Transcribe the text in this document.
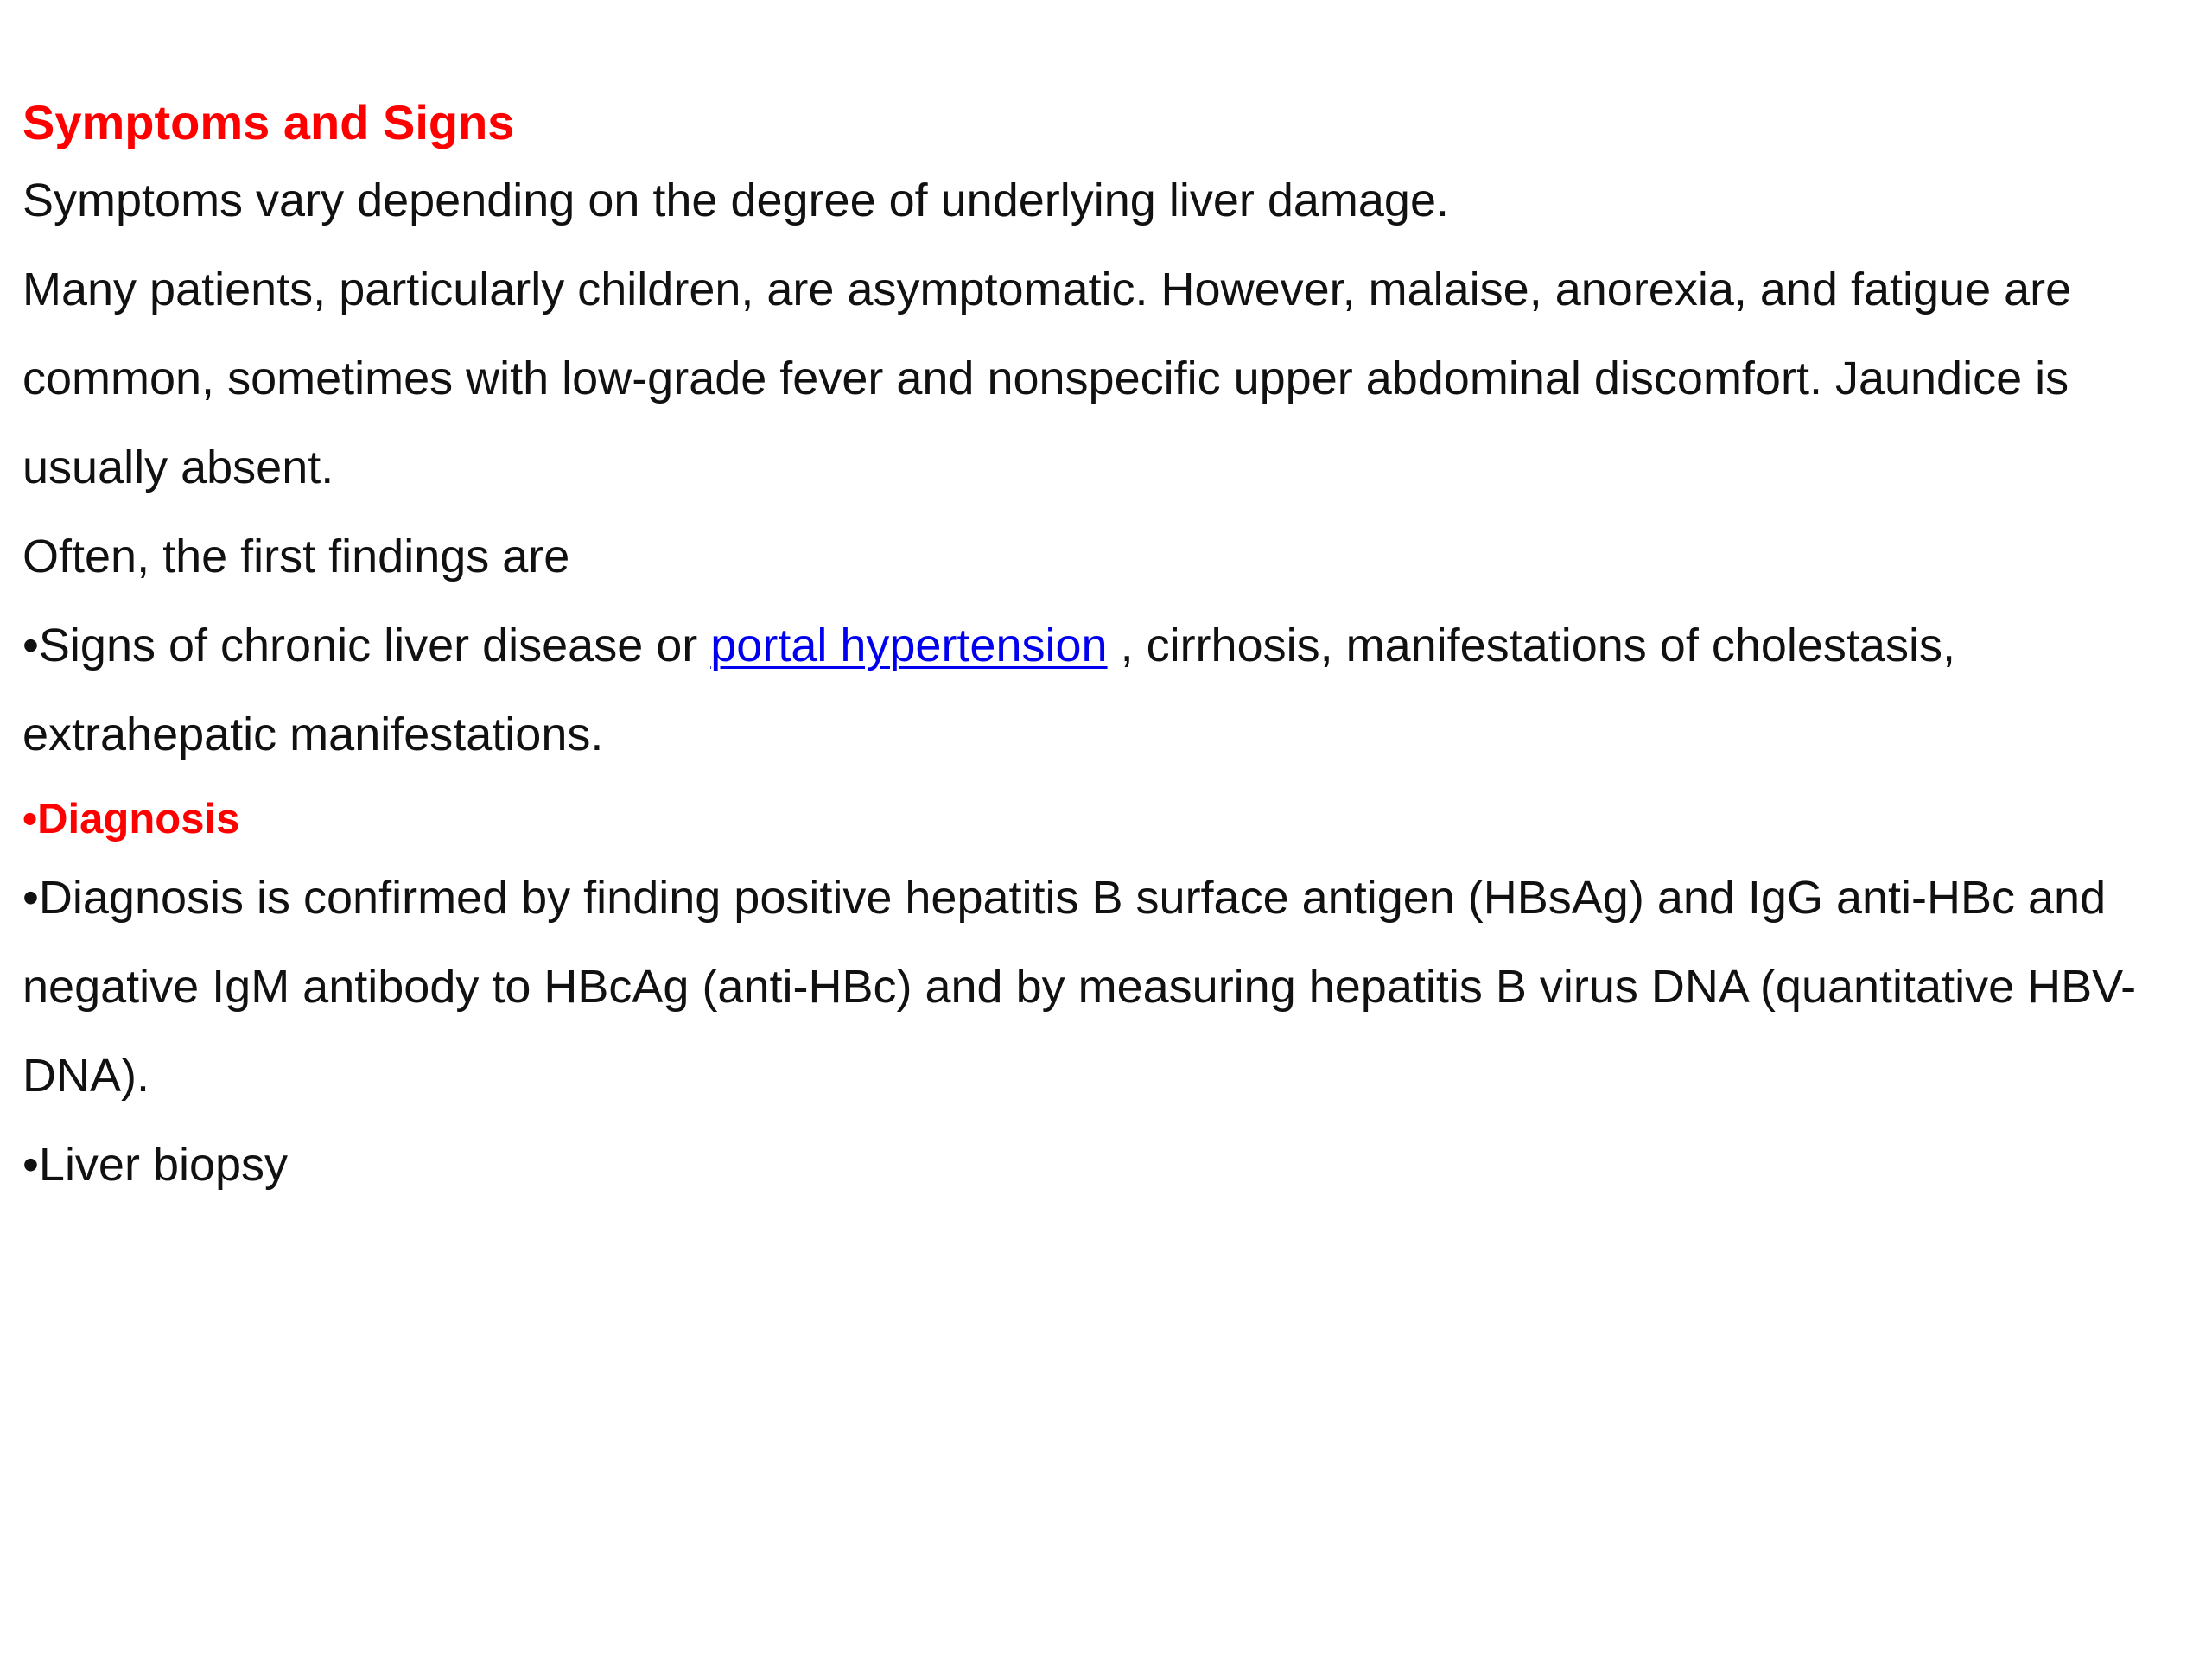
Symptoms and Signs
Symptoms vary depending on the degree of underlying liver damage.
Many patients, particularly children, are asymptomatic. However, malaise, anorexia, and fatigue are common, sometimes with low-grade fever and nonspecific upper abdominal discomfort. Jaundice is usually absent.
Often, the first findings are
•Signs of chronic liver disease or portal hypertension , cirrhosis, manifestations of cholestasis, extrahepatic manifestations.
•Diagnosis
•Diagnosis is confirmed by finding positive hepatitis B surface antigen (HBsAg) and IgG anti-HBc and negative IgM antibody to HBcAg (anti-HBc) and by measuring hepatitis B virus DNA (quantitative HBV-DNA).
•Liver biopsy
